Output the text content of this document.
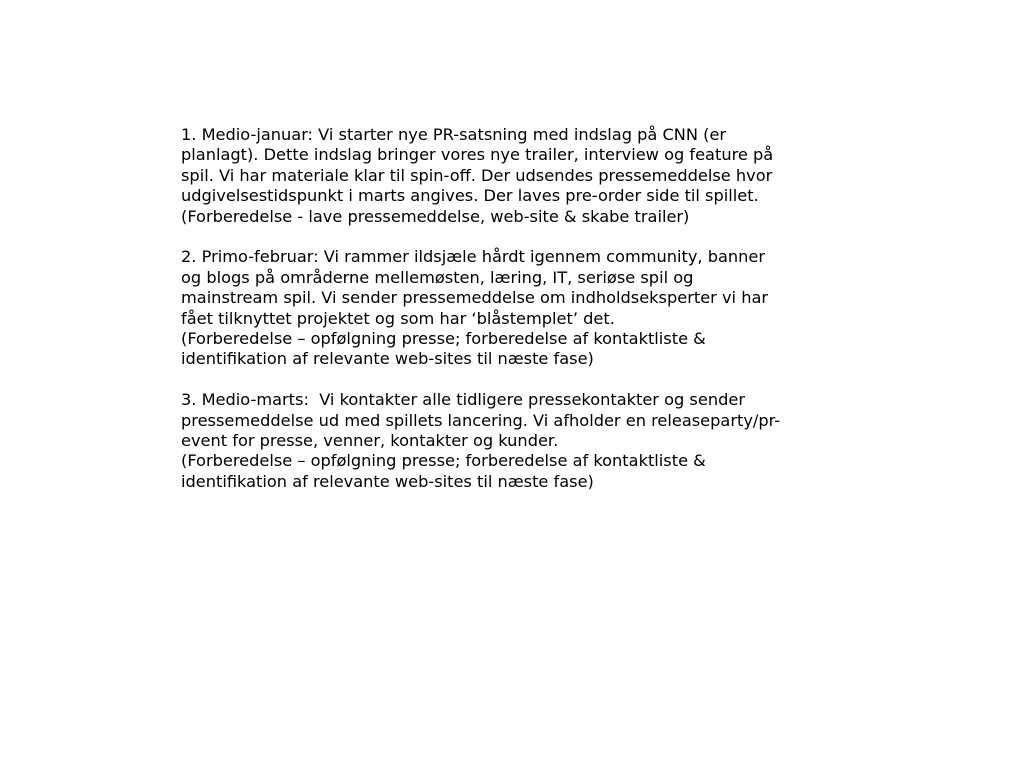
1. Medio-januar: Vi starter nye PR-satsning med indslag på CNN (er
planlagt). Dette indslag bringer vores nye trailer, interview og feature på
spil. Vi har materiale klar til spin-off. Der udsendes pressemeddelse hvor
udgivelsestidspunkt i marts angives. Der laves pre-order side til spillet.
(Forberedelse - lave pressemeddelse, web-site & skabe trailer)

2. Primo-februar: Vi rammer ildsjæle hårdt igennem community, banner
og blogs på områderne mellemøsten, læring, IT, seriøse spil og
mainstream spil. Vi sender pressemeddelse om indholdseksperter vi har
fået tilknyttet projektet og som har ‘blåstemplet’ det.
(Forberedelse – opfølgning presse; forberedelse af kontaktliste &
identifikation af relevante web-sites til næste fase)

3. Medio-marts:  Vi kontakter alle tidligere pressekontakter og sender
pressemeddelse ud med spillets lancering. Vi afholder en releaseparty/pr-
event for presse, venner, kontakter og kunder.
(Forberedelse – opfølgning presse; forberedelse af kontaktliste &
identifikation af relevante web-sites til næste fase)
